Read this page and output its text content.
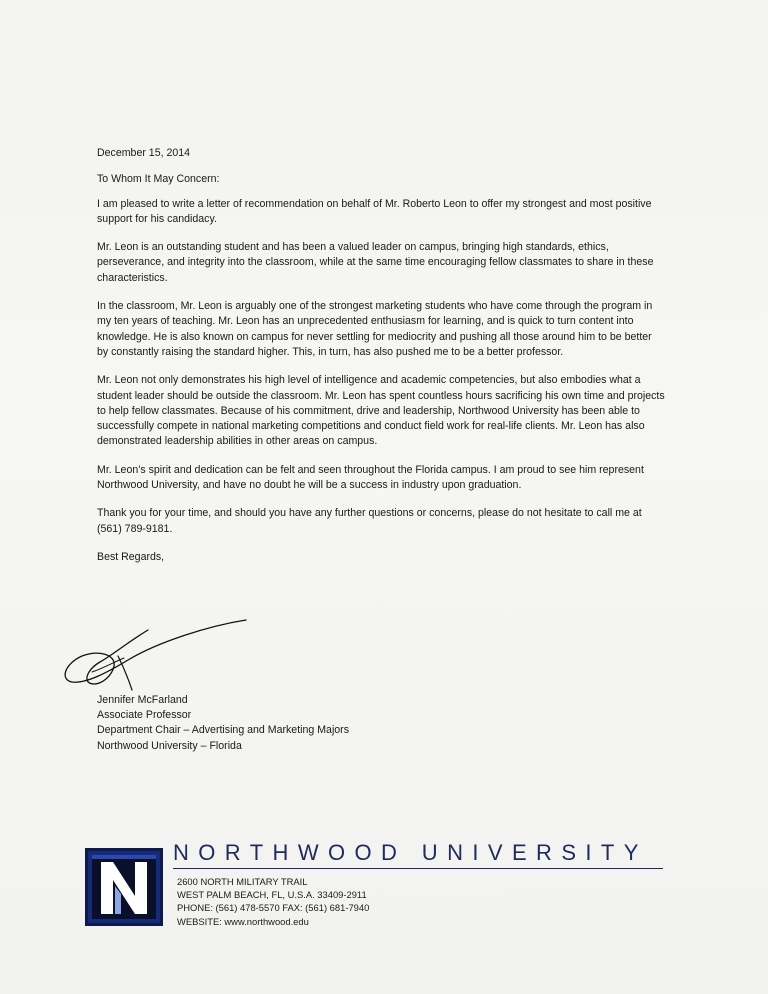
December 15, 2014

To Whom It May Concern:

I am pleased to write a letter of recommendation on behalf of Mr. Roberto Leon to offer my strongest and most positive support for his candidacy.

Mr. Leon is an outstanding student and has been a valued leader on campus, bringing high standards, ethics, perseverance, and integrity into the classroom, while at the same time encouraging fellow classmates to share in these characteristics.

In the classroom, Mr. Leon is arguably one of the strongest marketing students who have come through the program in my ten years of teaching. Mr. Leon has an unprecedented enthusiasm for learning, and is quick to turn content into knowledge. He is also known on campus for never settling for mediocrity and pushing all those around him to be better by constantly raising the standard higher. This, in turn, has also pushed me to be a better professor.

Mr. Leon not only demonstrates his high level of intelligence and academic competencies, but also embodies what a student leader should be outside the classroom. Mr. Leon has spent countless hours sacrificing his own time and projects to help fellow classmates. Because of his commitment, drive and leadership, Northwood University has been able to successfully compete in national marketing competitions and conduct field work for real-life clients. Mr. Leon has also demonstrated leadership abilities in other areas on campus.

Mr. Leon’s spirit and dedication can be felt and seen throughout the Florida campus. I am proud to see him represent Northwood University, and have no doubt he will be a success in industry upon graduation.

Thank you for your time, and should you have any further questions or concerns, please do not hesitate to call me at (561) 789-9181.

Best Regards,

Jennifer McFarland
Associate Professor
Department Chair – Advertising and Marketing Majors
Northwood University – Florida
NORTHWOOD UNIVERSITY
2600 NORTH MILITARY TRAIL
WEST PALM BEACH, FL, U.S.A. 33409-2911
PHONE: (561) 478-5570 FAX: (561) 681-7940
WEBSITE: www.northwood.edu
